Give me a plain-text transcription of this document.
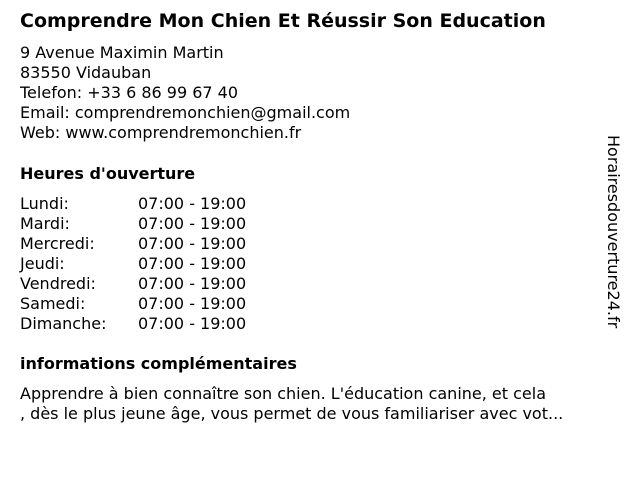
Comprendre Mon Chien Et Réussir Son Education
9 Avenue Maximin Martin
83550 Vidauban
Telefon: +33 6 86 99 67 40
Email: comprendremonchien@gmail.com
Web: www.comprendremonchien.fr
Heures d'ouverture
Lundi:	07:00 - 19:00
Mardi:	07:00 - 19:00
Mercredi:	07:00 - 19:00
Jeudi:	07:00 - 19:00
Vendredi:	07:00 - 19:00
Samedi:	07:00 - 19:00
Dimanche:	07:00 - 19:00
informations complémentaires
Apprendre à bien connaître son chien. L'éducation canine, et cela
, dès le plus jeune âge, vous permet de vous familiariser avec vot...
Horairesdouverture24.fr
